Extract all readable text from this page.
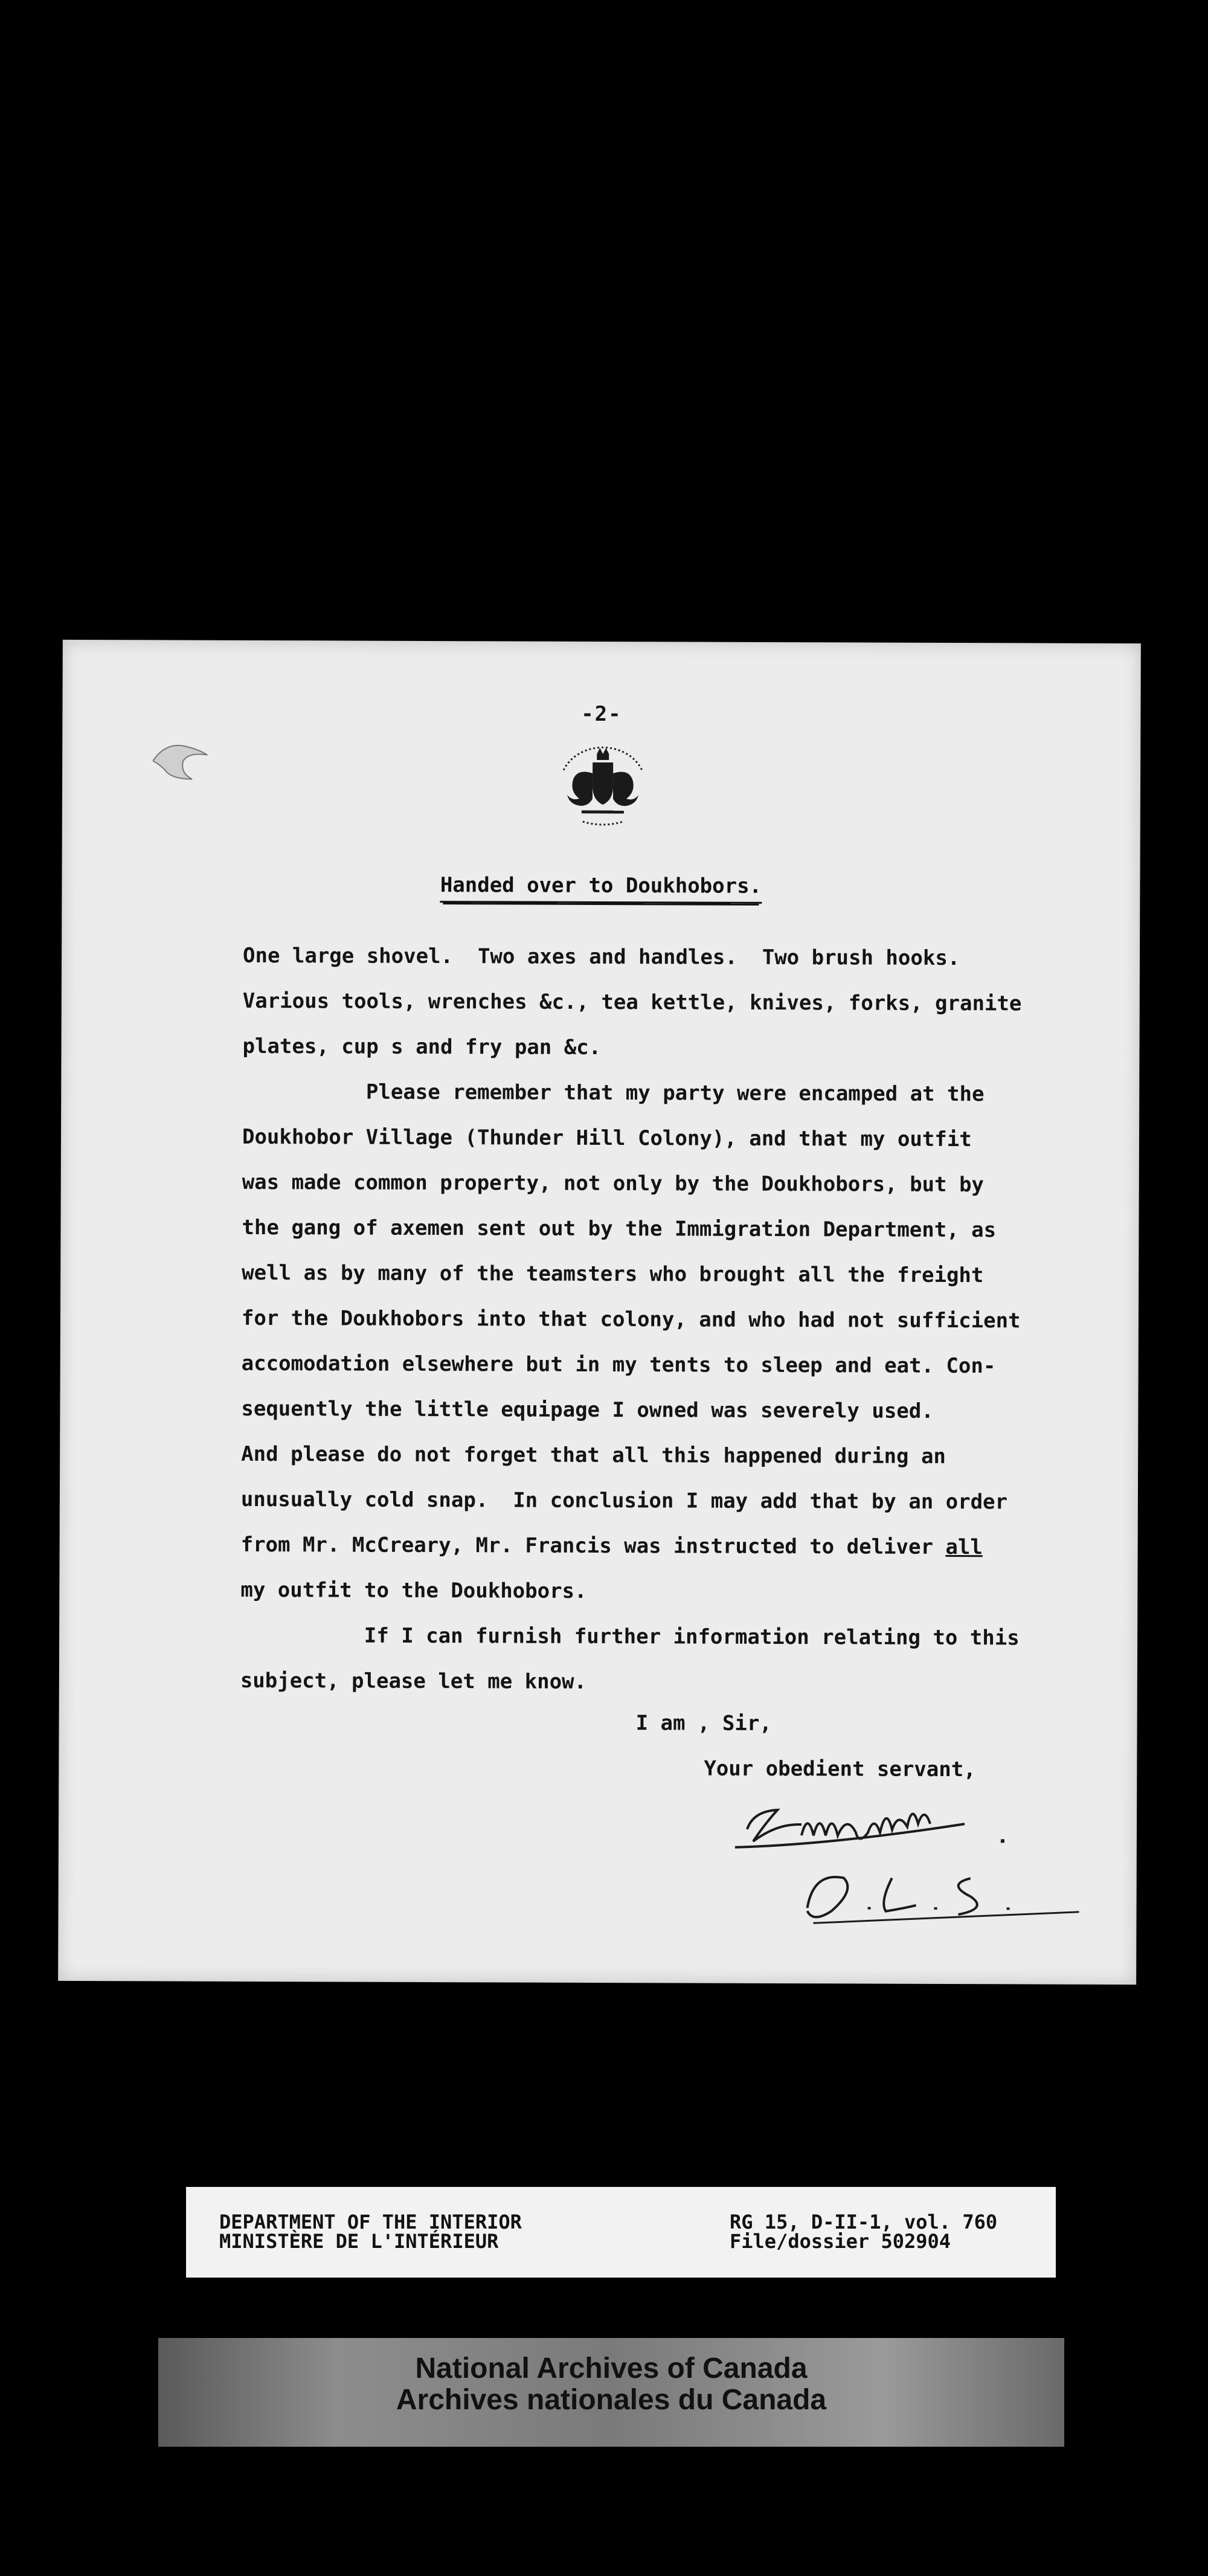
-2-
Handed over to Doukhobors.
One large shovel.  Two axes and handles.  Two brush hooks.
Various tools, wrenches &c., tea kettle, knives, forks, granite
plates, cup s and fry pan &c.
Please remember that my party were encamped at the
Doukhobor Village (Thunder Hill Colony), and that my outfit
was made common property, not only by the Doukhobors, but by
the gang of axemen sent out by the Immigration Department, as
well as by many of the teamsters who brought all the freight
for the Doukhobors into that colony, and who had not sufficient
accomodation elsewhere but in my tents to sleep and eat. Con-
sequently the little equipage I owned was severely used.
And please do not forget that all this happened during an
unusually cold snap.  In conclusion I may add that by an order
from Mr. McCreary, Mr. Francis was instructed to deliver all
my outfit to the Doukhobors.
If I can furnish further information relating to this
subject, please let me know.
I am , Sir,
Your obedient servant,
DEPARTMENT OF THE INTERIOR
MINISTÈRE DE L'INTÉRIEUR
RG 15, D-II-1, vol. 760
File/dossier 502904
National Archives of Canada
Archives nationales du Canada
